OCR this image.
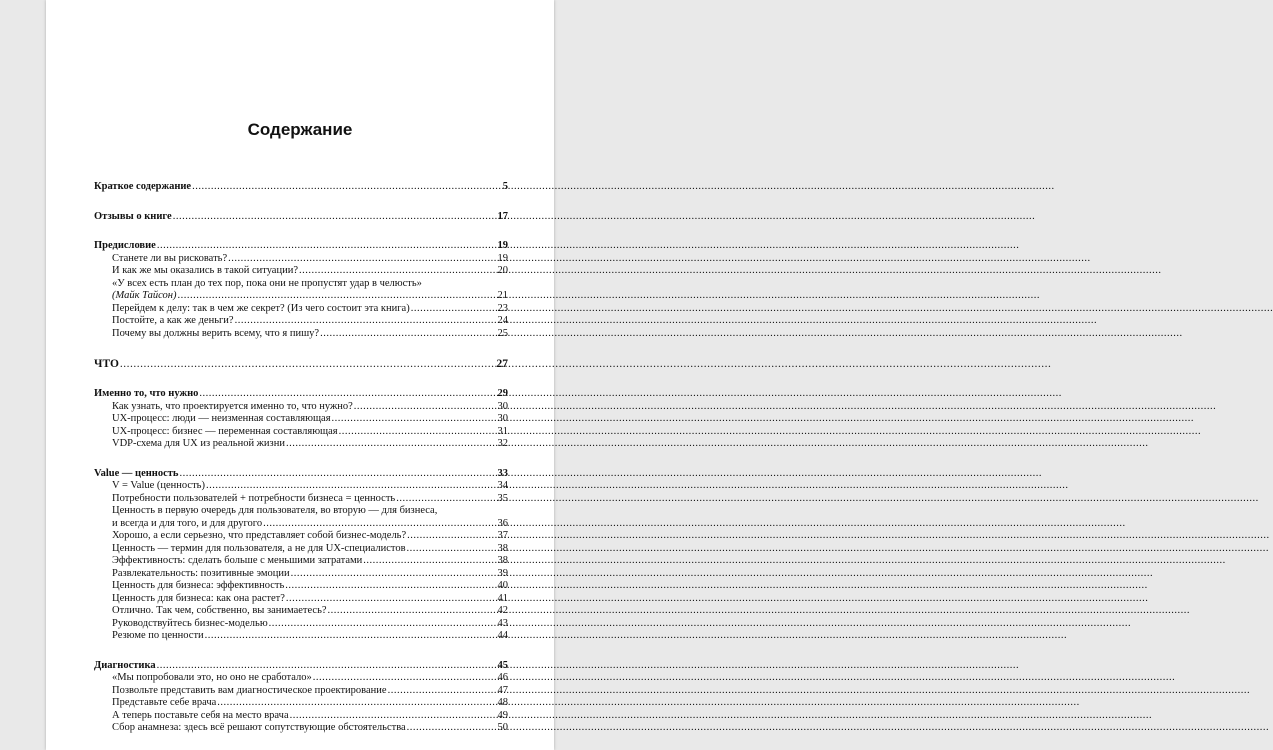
Содержание
Краткое содержание .....	5
Отзывы о книге .....	17
Предисловие .....	19
Станете ли вы рисковать? .....	19
И как же мы оказались в такой ситуации? .....	20
«У всех есть план до тех пор, пока они не пропустят удар в челюсть»
(Майк Тайсон) .....	21
Перейдем к делу: так в чем же секрет? (Из чего состоит эта книга) .....	23
Постойте, а как же деньги? .....	24
Почему вы должны верить всему, что я пишу? .....	25
ЧТО .....	27
Именно то, что нужно .....	29
Как узнать, что проектируется именно то, что нужно? .....	30
UX-процесс: люди — неизменная составляющая .....	30
UX-процесс: бизнес — переменная составляющая .....	31
VDP-схема для UX из реальной жизни .....	32
Value — ценность .....	33
V = Value (ценность) .....	34
Потребности пользователей + потребности бизнеса = ценность .....	35
Ценность в первую очередь для пользователя, во вторую — для бизнеса,
и всегда и для того, и для другого .....	36
Хорошо, а если серьезно, что представляет собой бизнес-модель? .....	37
Ценность — термин для пользователя, а не для UX-специалистов .....	38
Эффективность: сделать больше с меньшими затратами .....	38
Развлекательность: позитивные эмоции .....	39
Ценность для бизнеса: эффективность .....	40
Ценность для бизнеса: как она растет? .....	41
Отлично. Так чем, собственно, вы занимаетесь? .....	42
Руководствуйтесь бизнес-моделью .....	43
Резюме по ценности .....	44
Диагностика .....	45
«Мы попробовали это, но оно не сработало» .....	46
Позвольте представить вам диагностическое проектирование .....	47
Представьте себе врача .....	48
А теперь поставьте себя на место врача .....	49
Сбор анамнеза: здесь всё решают сопутствующие обстоятельства .....	50
